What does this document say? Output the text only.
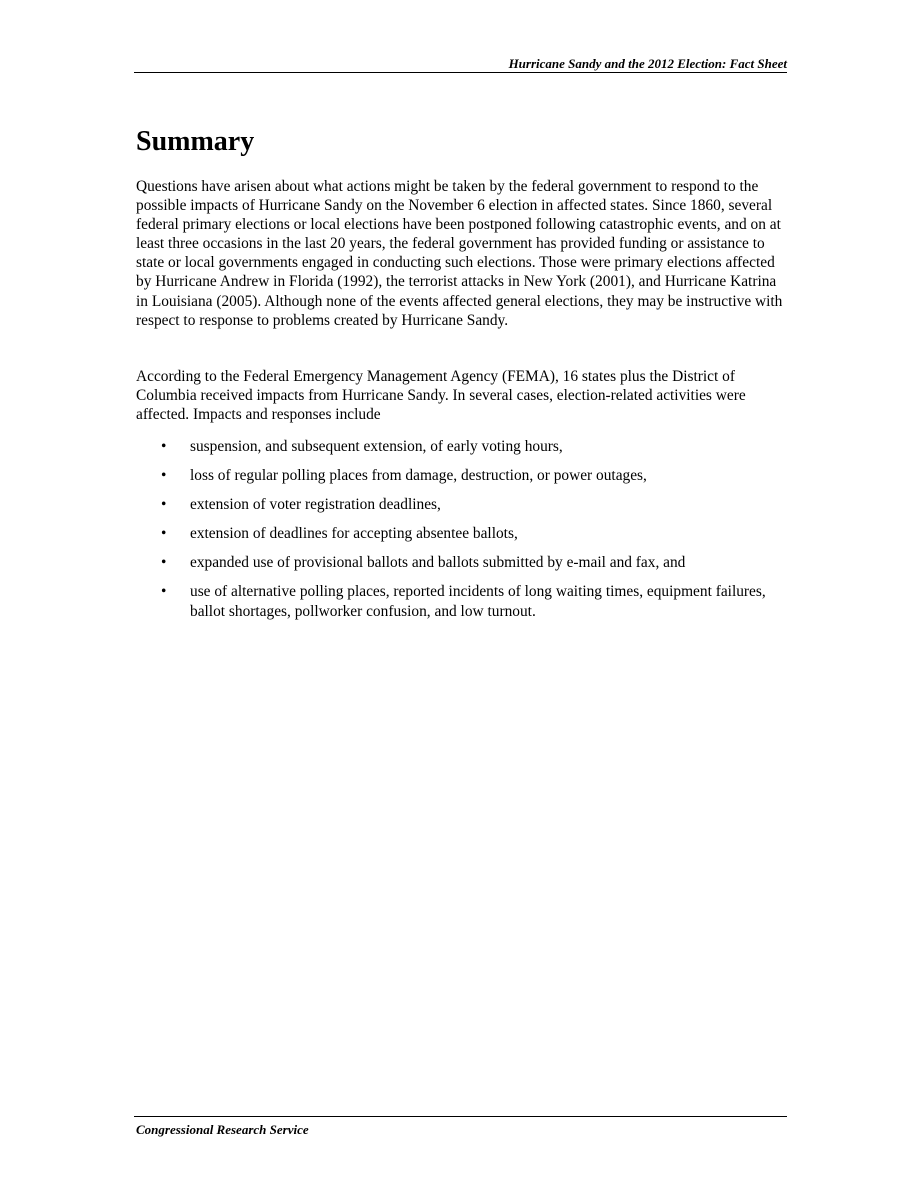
Hurricane Sandy and the 2012 Election: Fact Sheet
Summary

Questions have arisen about what actions might be taken by the federal government to respond to the possible impacts of Hurricane Sandy on the November 6 election in affected states. Since 1860, several federal primary elections or local elections have been postponed following catastrophic events, and on at least three occasions in the last 20 years, the federal government has provided funding or assistance to state or local governments engaged in conducting such elections. Those were primary elections affected by Hurricane Andrew in Florida (1992), the terrorist attacks in New York (2001), and Hurricane Katrina in Louisiana (2005). Although none of the events affected general elections, they may be instructive with respect to response to problems created by Hurricane Sandy.

According to the Federal Emergency Management Agency (FEMA), 16 states plus the District of Columbia received impacts from Hurricane Sandy. In several cases, election-related activities were affected. Impacts and responses include

• suspension, and subsequent extension, of early voting hours,
• loss of regular polling places from damage, destruction, or power outages,
• extension of voter registration deadlines,
• extension of deadlines for accepting absentee ballots,
• expanded use of provisional ballots and ballots submitted by e-mail and fax, and
• use of alternative polling places, reported incidents of long waiting times, equipment failures, ballot shortages, pollworker confusion, and low turnout.
Congressional Research Service
